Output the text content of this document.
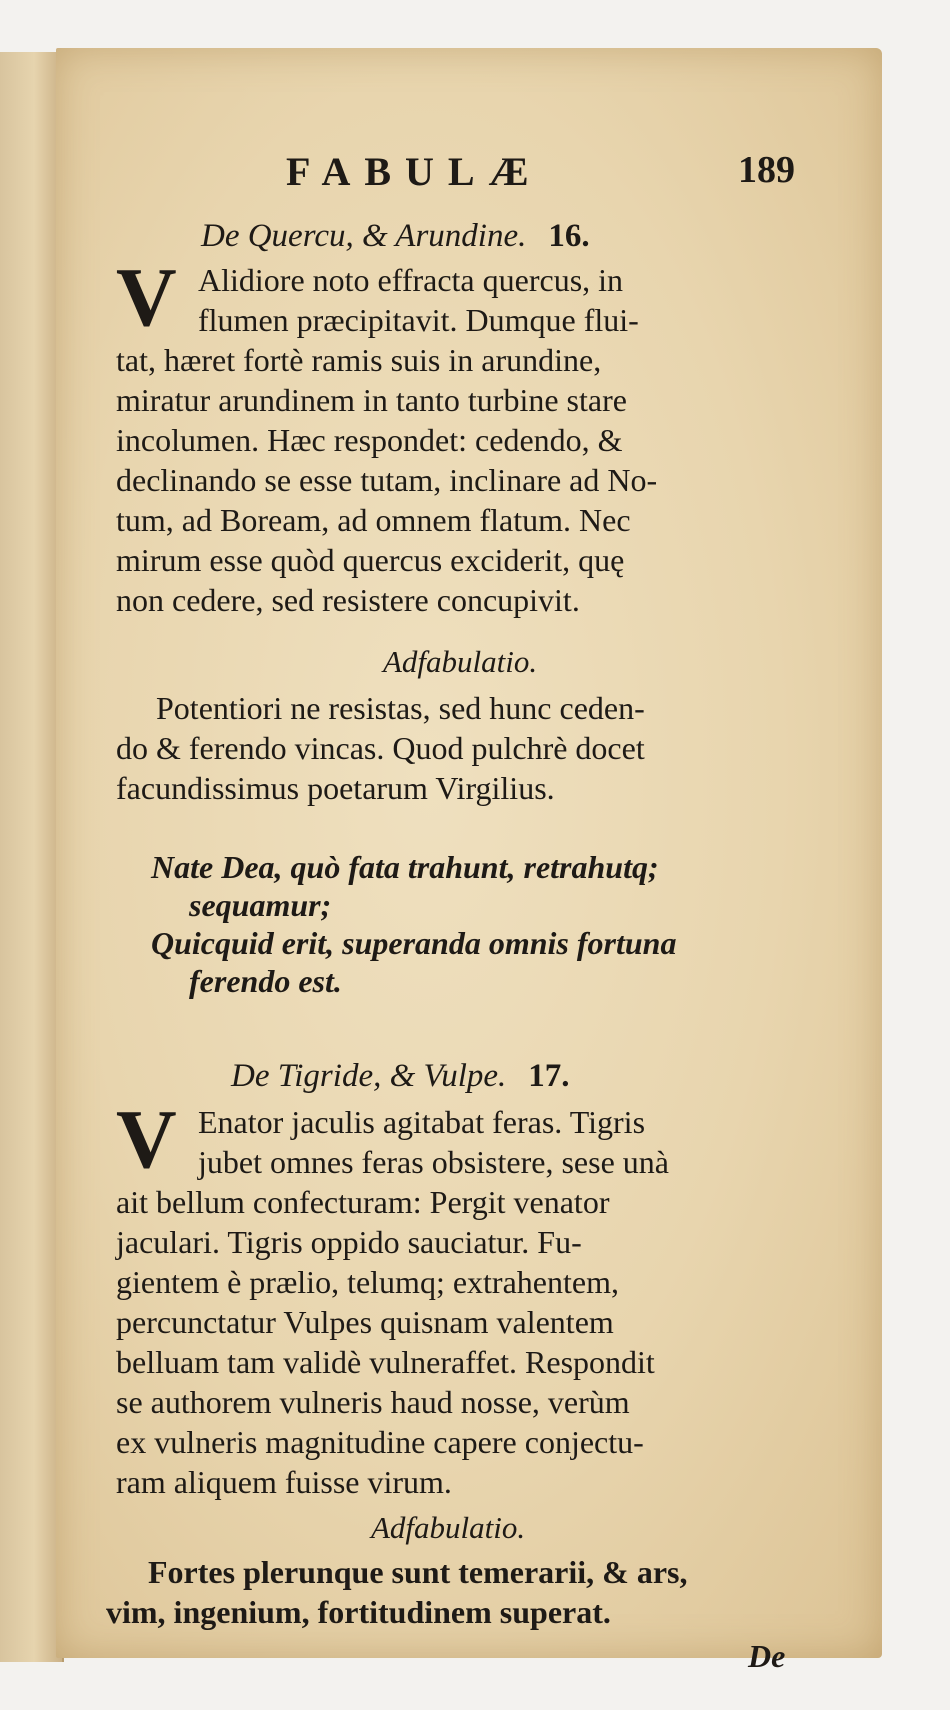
FABULÆ	189
De Quercu, & Arundine. 16.
V Alidiore noto effracta quercus, in
flumen præcipitavit. Dumque flui-
tat, hæret fortè ramis suis in arundine,
miratur arundinem in tanto turbine stare
incolumen. Hæc respondet: cedendo, &
declinando se esse tutam, inclinare ad No-
tum, ad Boream, ad omnem flatum. Nec
mirum esse quòd quercus exciderit, quę
non cedere, sed resistere concupivit.
Adfabulatio.
Potentiori ne resistas, sed hunc ceden-
do & ferendo vincas. Quod pulchrè docet
facundissimus poetarum Virgilius.
Nate Dea, quò fata trahunt, retrahutq;
sequamur;
Quicquid erit, superanda omnis fortuna
ferendo est.
De Tigride, & Vulpe. 17.
V Enator jaculis agitabat feras. Tigris
jubet omnes feras obsistere, sese unà
ait bellum confecturam: Pergit venator
jaculari. Tigris oppido sauciatur. Fu-
gientem è prælio, telumq; extrahentem,
percunctatur Vulpes quisnam valentem
belluam tam validè vulneraffet. Respondit
se authorem vulneris haud nosse, verùm
ex vulneris magnitudine capere conjectu-
ram aliquem fuisse virum.
Adfabulatio.
Fortes plerunque sunt temerarii, & ars,
vim, ingenium, fortitudinem superat.
De
